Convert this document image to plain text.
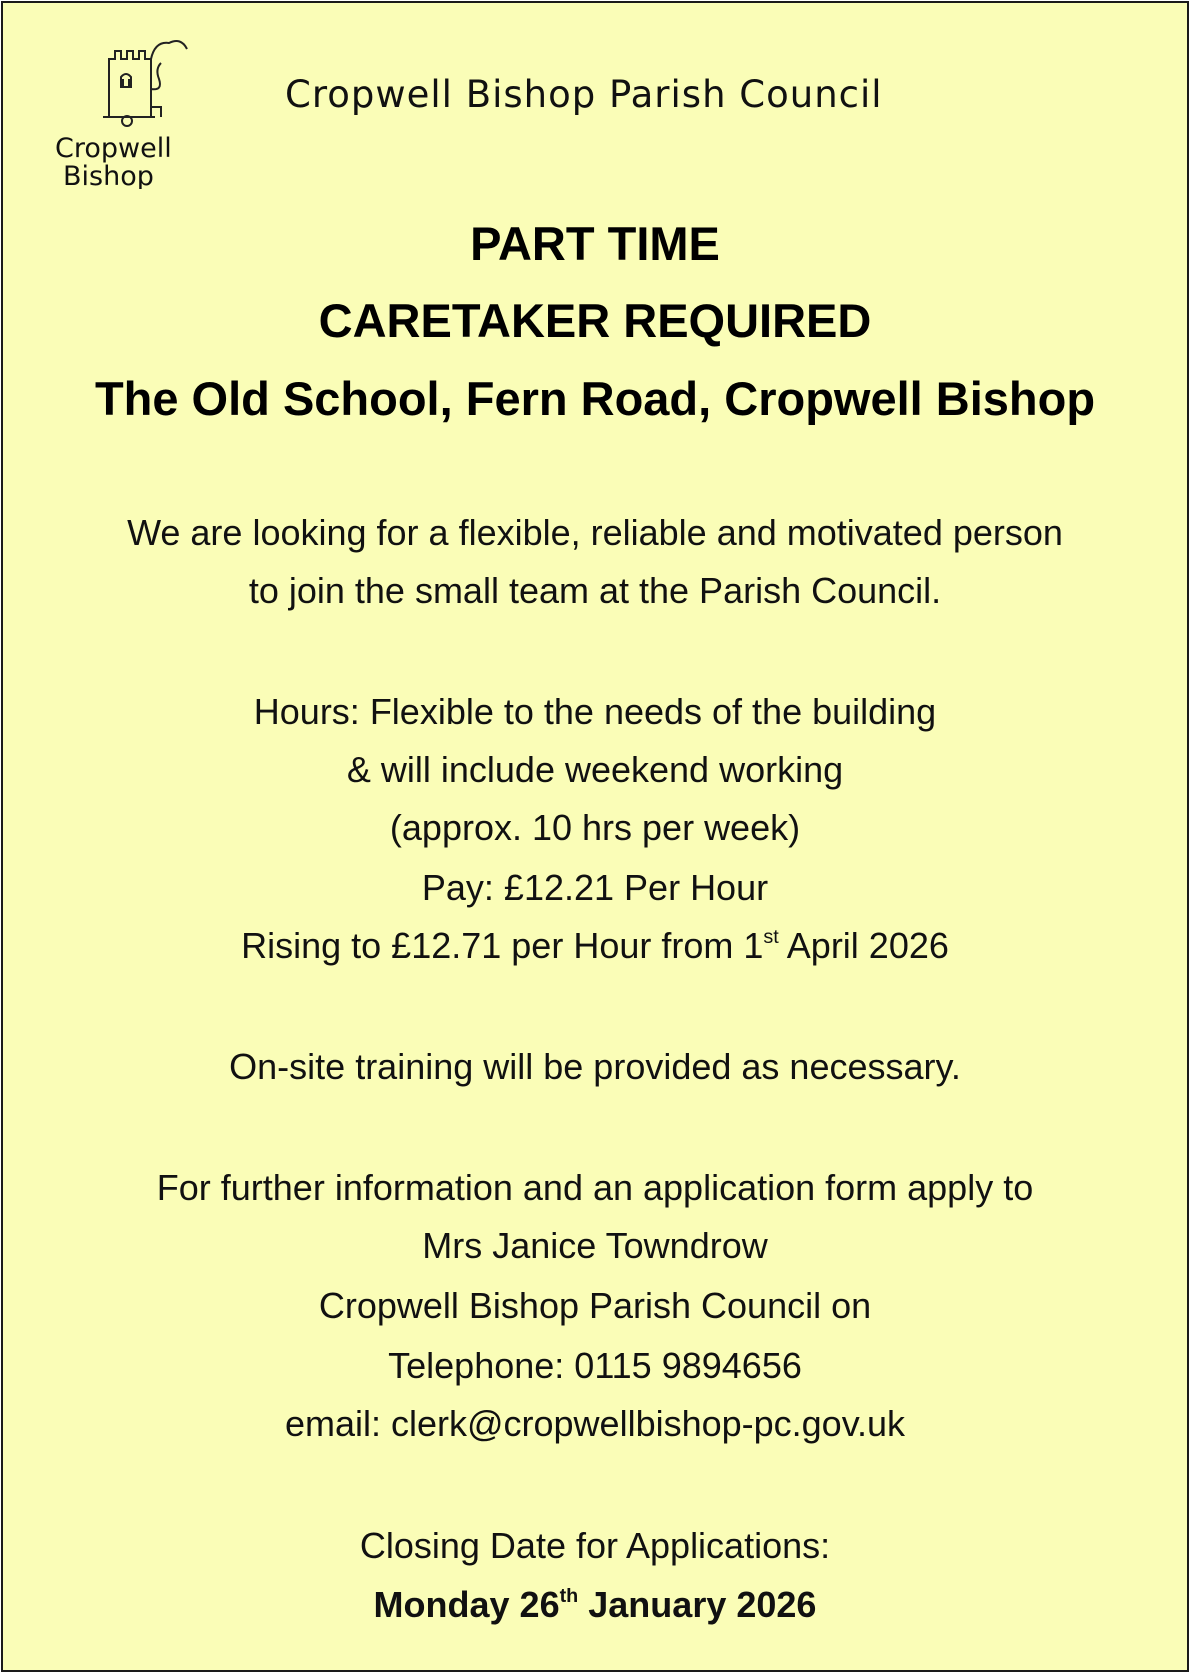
Cropwell
Bishop
Cropwell Bishop Parish Council
PART TIME
CARETAKER REQUIRED
The Old School, Fern Road, Cropwell Bishop
We are looking for a flexible, reliable and motivated person
to join the small team at the Parish Council.
Hours: Flexible to the needs of the building
& will include weekend working
(approx. 10 hrs per week)
Pay: £12.21 Per Hour
Rising to £12.71 per Hour from 1st April 2026
On-site training will be provided as necessary.
For further information and an application form apply to
Mrs Janice Towndrow
Cropwell Bishop Parish Council on
Telephone: 0115 9894656
email: clerk@cropwellbishop-pc.gov.uk
Closing Date for Applications:
Monday 26th January 2026
